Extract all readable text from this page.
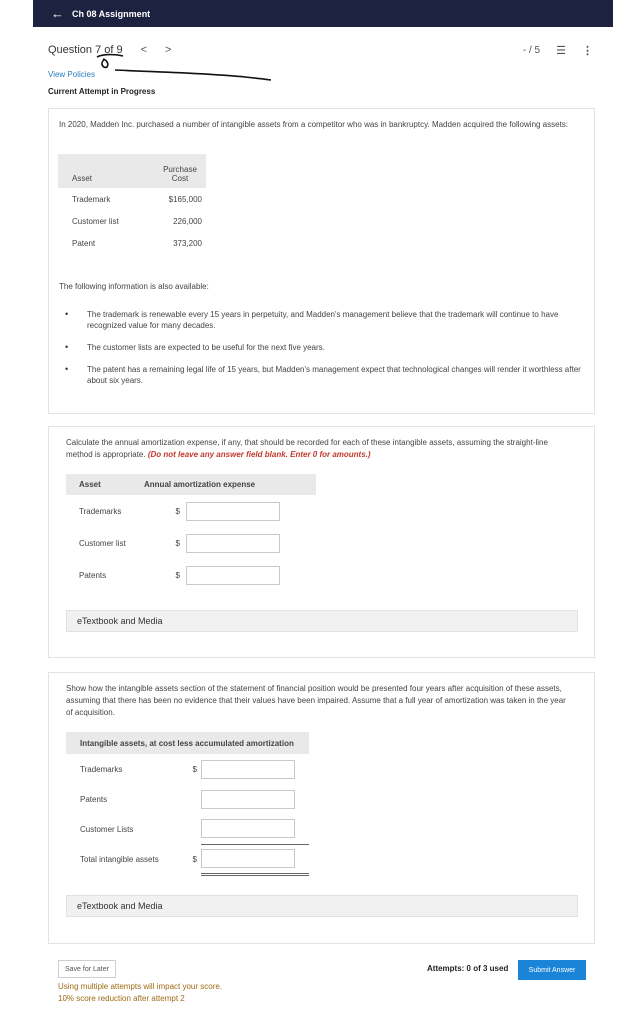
← Ch 08 Assignment
Question 7 of 9 < >	- / 5 ☰ ⋮
View Policies
Current Attempt in Progress

In 2020, Madden Inc. purchased a number of intangible assets from a competitor who was in bankruptcy. Madden acquired the following assets:

Asset	Purchase Cost
Trademark	$165,000
Customer list	226,000
Patent	373,200

The following information is also available:

• The trademark is renewable every 15 years in perpetuity, and Madden's management believe that the trademark will continue to have recognized value for many decades.
• The customer lists are expected to be useful for the next five years.
• The patent has a remaining legal life of 15 years, but Madden's management expect that technological changes will render it worthless after about six years.

Calculate the annual amortization expense, if any, that should be recorded for each of these intangible assets, assuming the straight-line method is appropriate. (Do not leave any answer field blank. Enter 0 for amounts.)

Asset	Annual amortization expense	
Trademarks	$	

Customer list	$	

Patents	$	
eTextbook and Media

Show how the intangible assets section of the statement of financial position would be presented four years after acquisition of these assets, assuming that there has been no evidence that their values have been impaired. Assume that a full year of amortization was taken in the year of acquisition.

Intangible assets, at cost less accumulated amortization		
Trademarks	$	

Patents		

Customer Lists		

Total intangible assets	$	
eTextbook and Media
Save for Later	Attempts: 0 of 3 used	Submit Answer
Using multiple attempts will impact your score.
10% score reduction after attempt 2
